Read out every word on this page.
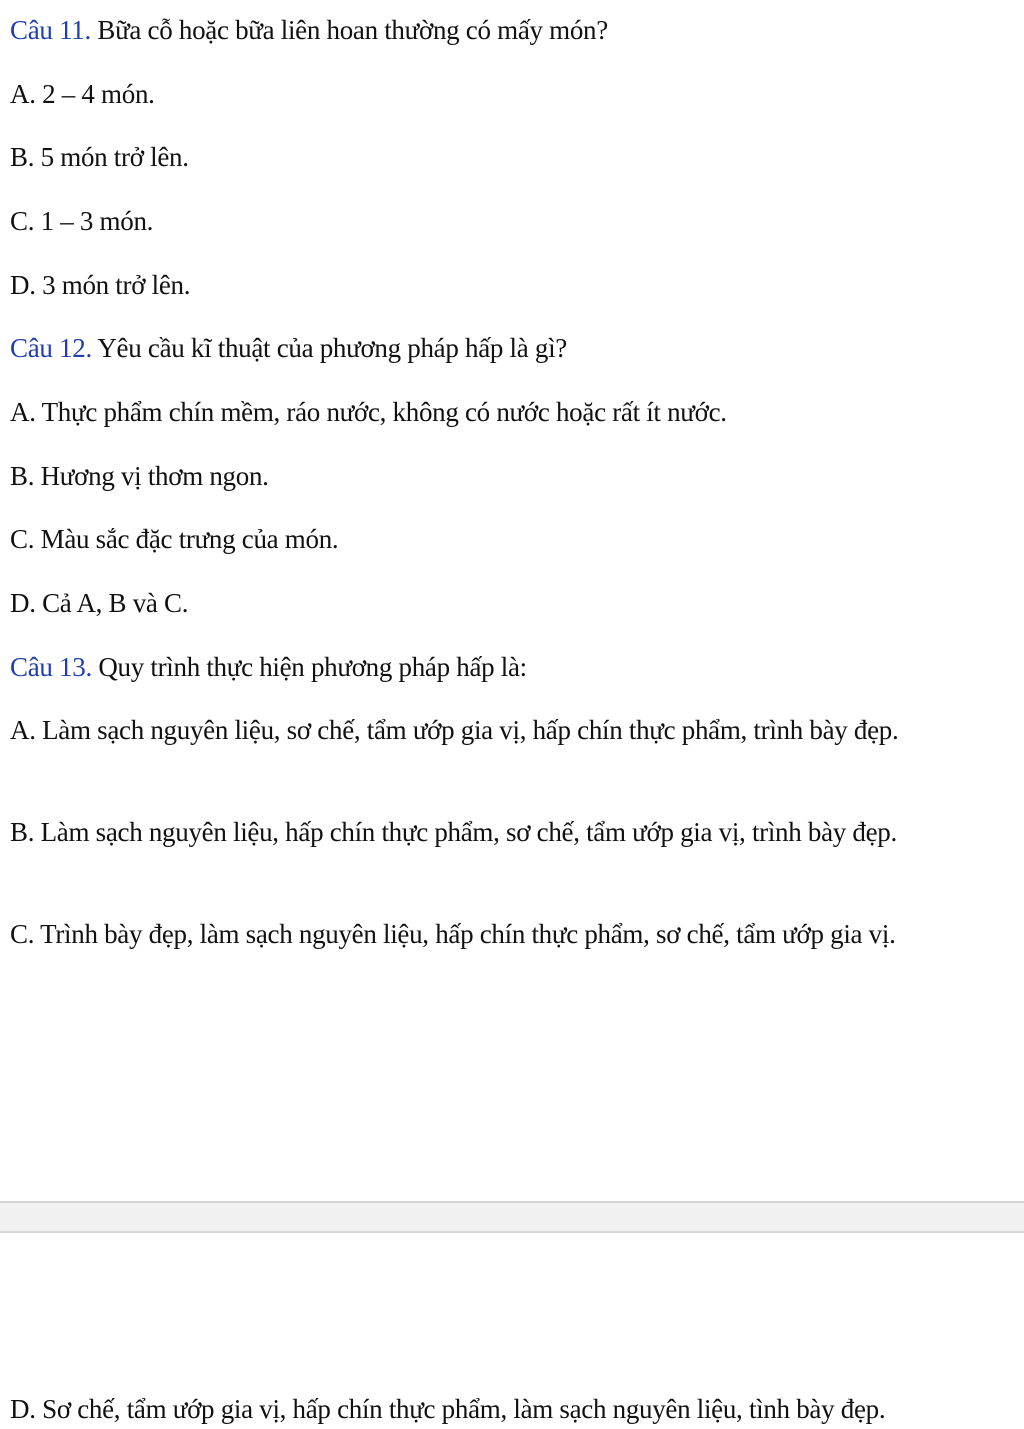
Câu 11. Bữa cỗ hoặc bữa liên hoan thường có mấy món?
A. 2 – 4 món.
B. 5 món trở lên.
C. 1 – 3 món.
D. 3 món trở lên.
Câu 12. Yêu cầu kĩ thuật của phương pháp hấp là gì?
A. Thực phẩm chín mềm, ráo nước, không có nước hoặc rất ít nước.
B. Hương vị thơm ngon.
C. Màu sắc đặc trưng của món.
D. Cả A, B và C.
Câu 13. Quy trình thực hiện phương pháp hấp là:
A. Làm sạch nguyên liệu, sơ chế, tẩm ướp gia vị, hấp chín thực phẩm, trình bày đẹp.
B. Làm sạch nguyên liệu, hấp chín thực phẩm, sơ chế, tẩm ướp gia vị, trình bày đẹp.
C. Trình bày đẹp, làm sạch nguyên liệu, hấp chín thực phẩm, sơ chế, tẩm ướp gia vị.
D. Sơ chế, tẩm ướp gia vị, hấp chín thực phẩm, làm sạch nguyên liệu, tình bày đẹp.
